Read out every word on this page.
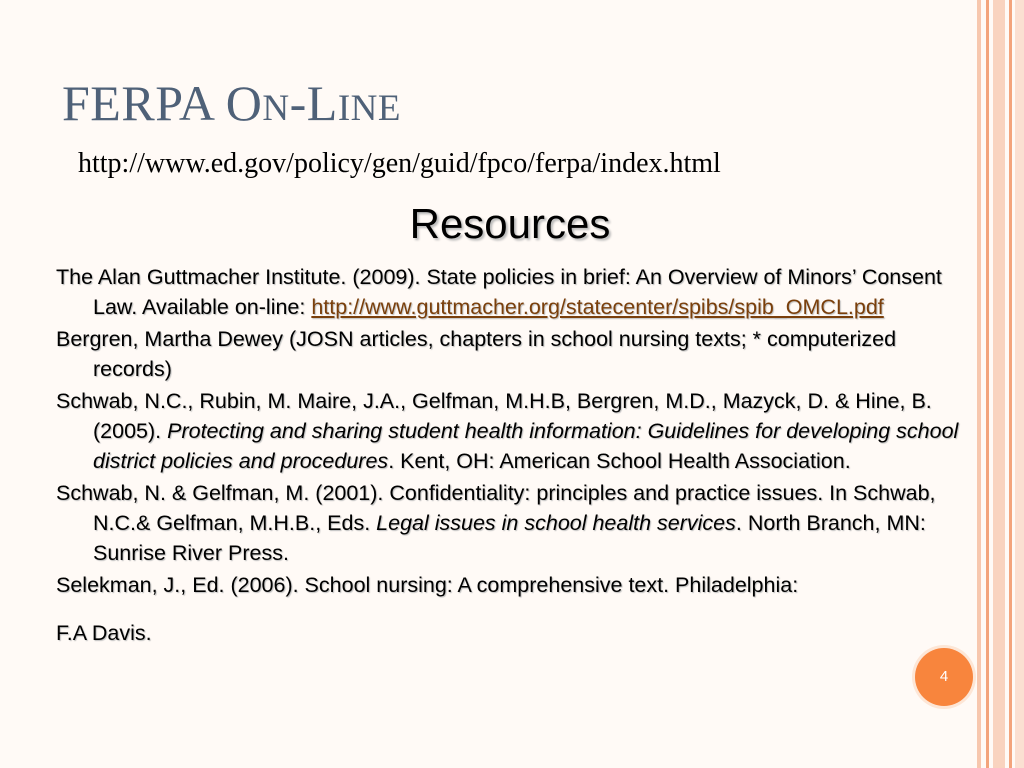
FERPA ON-LINE
http://www.ed.gov/policy/gen/guid/fpco/ferpa/index.html
Resources
The Alan Guttmacher Institute. (2009). State policies in brief: An Overview of Minors’ Consent Law. Available on-line: http://www.guttmacher.org/statecenter/spibs/spib_OMCL.pdf
Bergren, Martha Dewey (JOSN articles, chapters in school nursing texts; * computerized records)
Schwab, N.C., Rubin, M. Maire, J.A., Gelfman, M.H.B, Bergren, M.D., Mazyck, D. & Hine, B. (2005). Protecting and sharing student health information: Guidelines for developing school district policies and procedures. Kent, OH: American School Health Association.
Schwab, N. & Gelfman, M. (2001). Confidentiality: principles and practice issues. In Schwab, N.C.& Gelfman, M.H.B., Eds. Legal issues in school health services. North Branch, MN: Sunrise River Press.
Selekman, J., Ed. (2006). School nursing: A comprehensive text. Philadelphia:
F.A Davis.
4
